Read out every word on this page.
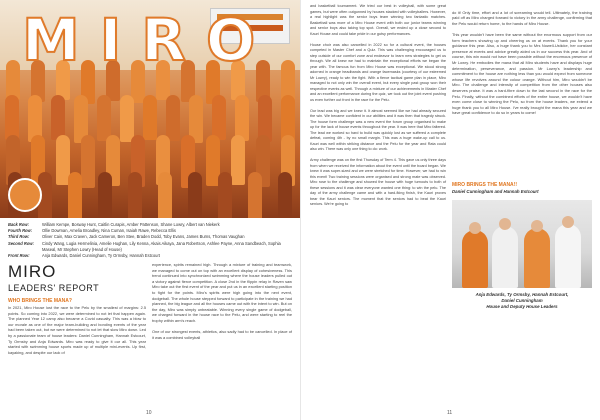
MIRO
Back Row:	William Kempe, Bosway Hunt, Caitlin Curapis, Amber Pattenson, Shane Lowry, Albert van Niekerk
Fourth Row:	Ollie Dowman, Amelia Broadley, Nina Cuman, Isaiah Rawe, Rebecca Ellis
Third Row:	Oliver Cain, Max Craven, Jack Cameron, Ben Stee, Braden Dodd, Toby Evans, James Burns, Thomas Vaughan
Second Row:	Cindy Wang, Lugia Hermelinia, Amelie Hughan, Lily Kenna, Akais Aikaya, Jana Robertson, Ashlee Payne, Anna Sandbeach, Sophia Maseal, Mr Stephen Lowry (Head of House)
Front Row:	Anja Edwards, Daniel Cunningham, Ty Ormsby, Hannah Estcourt
MIRO
LEADERS' REPORT
WHO BRINGS THE MANA?
In 2021, Miro House lost the race to the Pelu by the smallest of margins: 2.5 points. So coming into 2022, we were determined to not let that happen again. The planned Year 12 camp also became a Covid casualty. This was a blow to our morale as one of the major team-building and bonding events of the year had been taken out, but we were determined to not let that slow Miro down. Led by a passionate team of house leaders: Daniel Cunningham, Hannah Estcourt, Ty Ormsby and Anja Edwards. Miro was ready to give it our all. This year started with swimming house sports made up of multiple mini-events. Up first, kayaking, and despite our lack of
experience, spirits remained high. Through a mixture of training and teamwork, we managed to come out on top with an excellent display of cohesiveness. This trend continued into synchronized swimming where the house leaders pulled out a victory against fierce competition. A close 2nd in the flippin relay in Raven saw Miro take out the first event of the year and put us in an excellent starting position to fight for the points. Miro's spirits were high going into the next event, dodgeball. The whole house stepped forward to participate in the training we had planned, the big league and all the houses came out with the intent to win. But on the day, Miro was simply unbeatable. Winning every single game of dodgeball, we charged forward in the house race to the Pelu, and were starting to reel the trophy within arm's reach.

One of our strongest events, athletics, also sadly had to be cancelled. In place of it was a combined volleyball
10
and basketball tournament. We tried our best in volleyball, with some great games, but were often outgunned by houses stacked with volleyballers. However, a real highlight was the senior boys team winning two fantastic matches. Basketball was more of a Miro House event with both our junior teams winning and senior boys also taking top spot. Overall, we ended up a close second to Kauri House and could take pride in our gutsy performances.

House choir was also cancelled in 2022 so for a cultural event, the houses competed in Master Chef and a Quiz. This was challenging encouraged us to step outside of our comfort zone and endeavor to learn new strategies to get us through. We all knew we had to maintain the exceptional efforts we began the year with. The famous fun from Miro House was exceptional. We stood strong adorned in orange headbands and orange facemasks (courtesy of our esteemed Mr Lowry), ready to win the fight. With a fierce tactical game plan in place, Miro managed to not only win the overall event, but every single past group won their respective events as well. Through a mixture of our achievements in Master Chef and an excellent performance during the quiz, we took out the joint event pushing us even further out front in the race for the Pelu.

Our lead was big and we knew it. It almost seemed like we had already secured the win. We became confident in our abilities and it was then that tragedy struck. The house form challenge was a new event the forum group organised to make up for the lack of house events throughout the year. It was here that Miro faltered. The lead we worked so hard to build was quickly lost as we suffered a complete defeat, coming 4th - by no small margin. This was a huge wake-up call to us. Kauri was well within striking distance and the Pelu for the year and Rata could also win. There was only one thing to do: work.

Army challenge was on the first Thursday of Term 4. This gave us only three days from when we received the information about the event until the board began. We knew it was super-sized and we were stretched for time. However, we had to win this event! Two training sessions were organised and strong mate was observed. Miro rose to the challenge and showed the house with huge turnouts to both of these sessions and it was clear everyone wanted one thing: to win the pelu. The day of the army challenge came and with a hard-fking finish, the Kauri proves bear the Kauri seniors. The moment that the seniors had to beat the Kauri seniors. We're going to

do it! Only time, effort and a lot of screaming would tell. Ultimately, the training paid off as Miro charged forward to victory in the army challenge, confirming that the Pelu would return home, to the hands of Miro House.

This year wouldn't have been the same without the enormous support from our form teachers showing up and cheering us on at events. Thank you for your guidance this year. Also, a huge thank you to Mrs Nowell-Usticke, her constant presence at events and advice greatly aided us in our success this year. And of course, this win would not have been possible without the enormous presence of Mr Lowry. He embodies the mana that all Miro students have and displays huge determination, perseverance, and passion. Mr Lowry's leadership and commitment to the house are nothing less than you would expect from someone whose life revolves around the colour orange. Without him, Miro wouldn't be Miro. The challenge and intensity of competition from the other houses also deserves praise. It was a hard-fibre down to the last second in the race for the Pelu. Finally, without the combined efforts of the entire house, we wouldn't have even come close to winning the Pelu, so from the house leaders, we extend a huge thank you to all Miro House. I've really brought the mana this year and we have great confidence to do so in years to come!

MIRO BRINGS THE MANA!!
Daniel Cunningham and Hannah Estcourt
Anja Edwards, Ty Ormsby, Hannah Estcourt,
Daniel Cunningham
House and Deputy House Leaders
11
